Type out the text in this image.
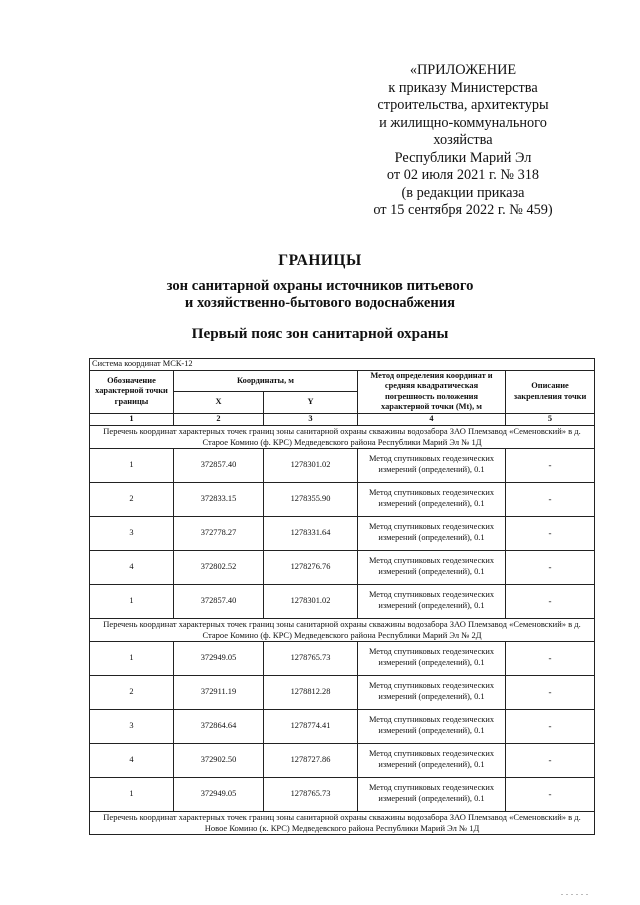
«ПРИЛОЖЕНИЕ
к приказу Министерства
строительства, архитектуры
и жилищно-коммунального
хозяйства
Республики Марий Эл
от 02 июля 2021 г. № 318
(в редакции приказа
от 15 сентября 2022 г. № 459)
ГРАНИЦЫ
зон санитарной охраны источников питьевого
и хозяйственно-бытового водоснабжения
Первый пояс зон санитарной охраны
Система координат МСК-12				
Обозначение характерной точки границы	Координаты, м		Метод определения координат и средняя квадратическая погрешность положения характерной точки (Mt), м	Описание закрепления точки
	X	Y		
1	2	3	4	5
Перечень координат характерных точек границ зоны санитарной охраны скважины водозабора ЗАО Племзавод «Семеновский» в д. Старое Комино (ф. КРС) Медведевского района Республики Марий Эл № 1Д				
1	372857.40	1278301.02	Метод спутниковых геодезических измерений (определений), 0.1	-
2	372833.15	1278355.90	Метод спутниковых геодезических измерений (определений), 0.1	-
3	372778.27	1278331.64	Метод спутниковых геодезических измерений (определений), 0.1	-
4	372802.52	1278276.76	Метод спутниковых геодезических измерений (определений), 0.1	-
1	372857.40	1278301.02	Метод спутниковых геодезических измерений (определений), 0.1	-
Перечень координат характерных точек границ зоны санитарной охраны скважины водозабора ЗАО Племзавод «Семеновский» в д. Старое Комино (ф. КРС) Медведевского района Республики Марий Эл № 2Д				
1	372949.05	1278765.73	Метод спутниковых геодезических измерений (определений), 0.1	-
2	372911.19	1278812.28	Метод спутниковых геодезических измерений (определений), 0.1	-
3	372864.64	1278774.41	Метод спутниковых геодезических измерений (определений), 0.1	-
4	372902.50	1278727.86	Метод спутниковых геодезических измерений (определений), 0.1	-
1	372949.05	1278765.73	Метод спутниковых геодезических измерений (определений), 0.1	-
Перечень координат характерных точек границ зоны санитарной охраны скважины водозабора ЗАО Племзавод «Семеновский» в д. Новое Комино (к. КРС) Медведевского района Республики Марий Эл № 1Д				
